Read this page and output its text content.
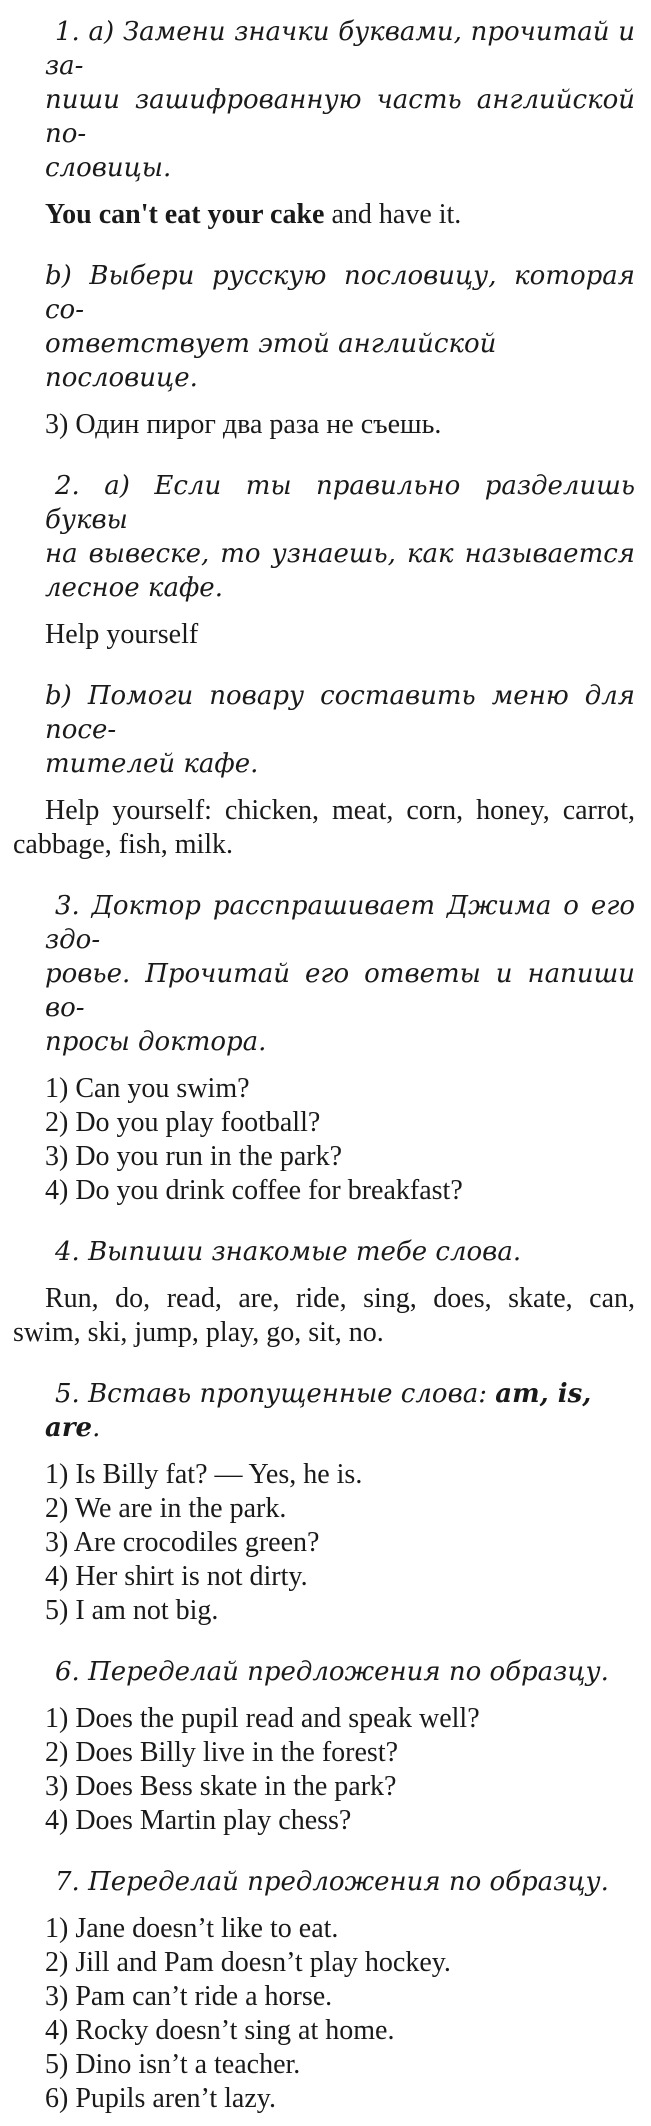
1. а) Замени значки буквами, прочитай и за-
пиши зашифрованную часть английской по-
словицы.
You can't eat your cake and have it.
b) Выбери русскую пословицу, которая со-
ответствует этой английской пословице.
3) Один пирог два раза не съешь.
2. а) Если ты правильно разделишь буквы
на вывеске, то узнаешь, как называется
лесное кафе.
Help yourself
b) Помоги повару составить меню для посе-
тителей кафе.
Help yourself: chicken, meat, corn, honey, carrot,
cabbage, fish, milk.
3. Доктор расспрашивает Джима о его здо-
ровье. Прочитай его ответы и напиши во-
просы доктора.
1) Can you swim?
2) Do you play football?
3) Do you run in the park?
4) Do you drink coffee for breakfast?
4. Выпиши знакомые тебе слова.
Run, do, read, are, ride, sing, does, skate, can,
swim, ski, jump, play, go, sit, no.
5. Вставь пропущенные слова: am, is, are.
1) Is Billy fat? — Yes, he is.
2) We are in the park.
3) Are crocodiles green?
4) Her shirt is not dirty.
5) I am not big.
6. Переделай предложения по образцу.
1) Does the pupil read and speak well?
2) Does Billy live in the forest?
3) Does Bess skate in the park?
4) Does Martin play chess?
7. Переделай предложения по образцу.
1) Jane doesn’t like to eat.
2) Jill and Pam doesn’t play hockey.
3) Pam can’t ride a horse.
4) Rocky doesn’t sing at home.
5) Dino isn’t a teacher.
6) Pupils aren’t lazy.
